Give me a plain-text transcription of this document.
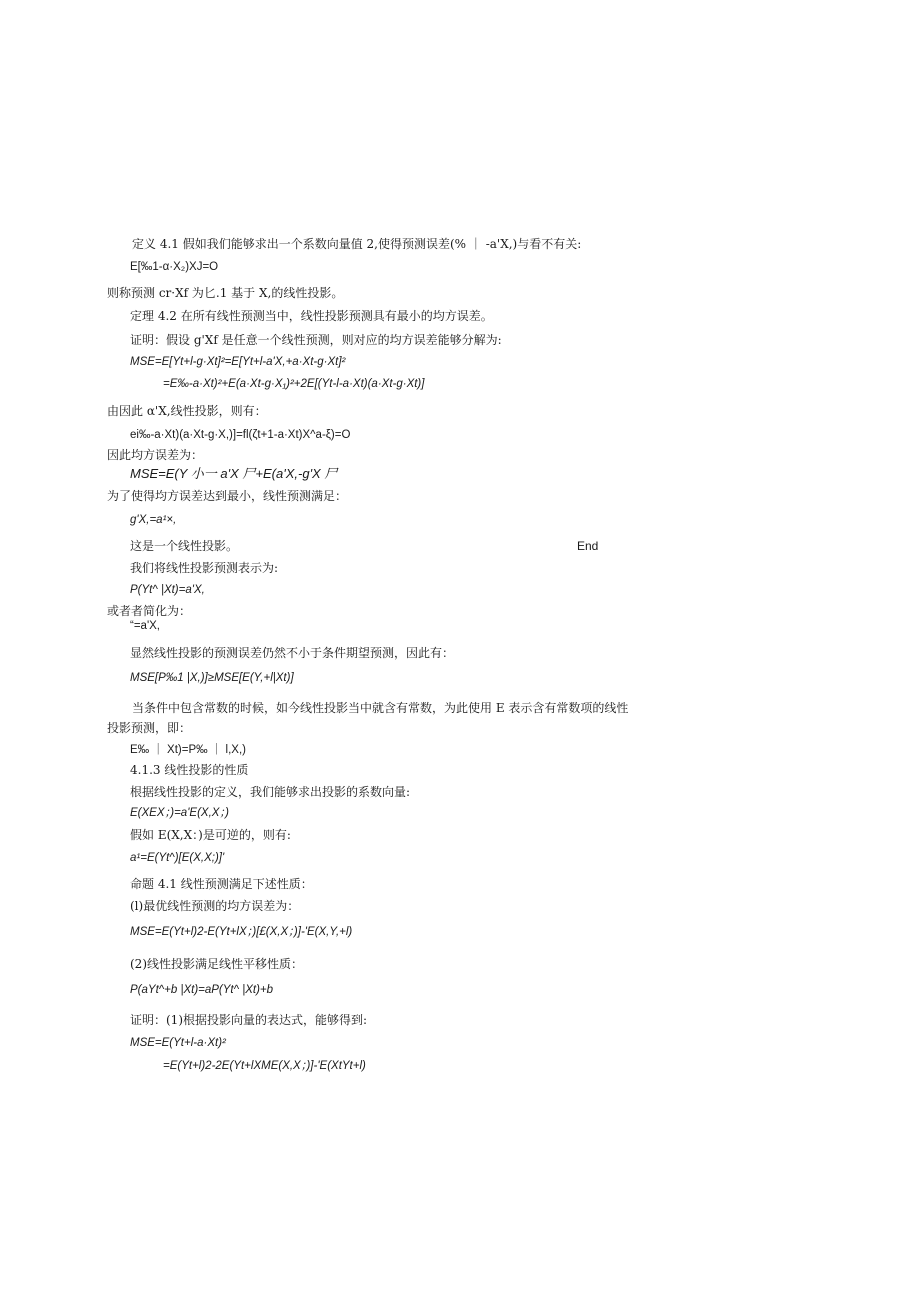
定义 4.1 假如我们能够求出一个系数向量值 2,使得预测误差(% ｜ -a'X,)与看不有关:
E[‰1-α·X₂)XJ=O
则称预测 cr·Xf 为匕.1 基于 X,的线性投影。
定理 4.2 在所有线性预测当中，线性投影预测具有最小的均方误差。
证明：假设 g'Xf 是任意一个线性预测，则对应的均方误差能够分解为:
MSE=E[Yt+l-g·Xt]²=E[Yt+l-a'X,+a·Xt-g·Xt]²
=E‰-a·Xt)²+E(a·Xt-g·X₁)²+2E[(Yt-l-a·Xt)(a·Xt-g·Xt)]
由因此 α'X,线性投影，则有：
ei‰-a·Xt)(a·Xt-g·X,)]=fl(ζt+1-a·Xt)X^a-ξ)=O
因此均方误差为：
MSE=E(Y 小一 a'X 尸+E(a'X,-g'X 尸
为了使得均方误差达到最小，线性预测满足：
g'X,=a¹×,
这是一个线性投影。	End
我们将线性投影预测表示为:
P(Yt^ |Xt)=a'X,
或者者简化为：
“=a'X,
显然线性投影的预测误差仍然不小于条件期望预测，因此有：
MSE[P‰1 |X,)]≥MSE[E(Y,+l|Xt)]
当条件中包含常数的时候，如今线性投影当中就含有常数，为此使用 E 表示含有常数项的线性
投影预测，即：
E‰ ｜ Xt)=P‰ ｜ l,X,)
4.1.3 线性投影的性质
根据线性投影的定义，我们能够求出投影的系数向量:
E(XEX；)=a'E(X,X；)
假如 E(X,X：)是可逆的，则有:
a¹=E(Yt^)[E(X,X;)]'
命题 4.1 线性预测满足下述性质：
(l)最优线性预测的均方误差为：
MSE=E(Yt+l)2-E(Yt+lX；)[£(X,X；)]-'E(X,Y,+l)
(2)线性投影满足线性平移性质：
P(aYt^+b |Xt)=aP(Yt^ |Xt)+b
证明：(1)根据投影向量的表达式，能够得到:
MSE=E(Yt+l-a·Xt)²
=E(Yt+l)2-2E(Yt+lXME(X,X；)]-'E(XtYt+l)
